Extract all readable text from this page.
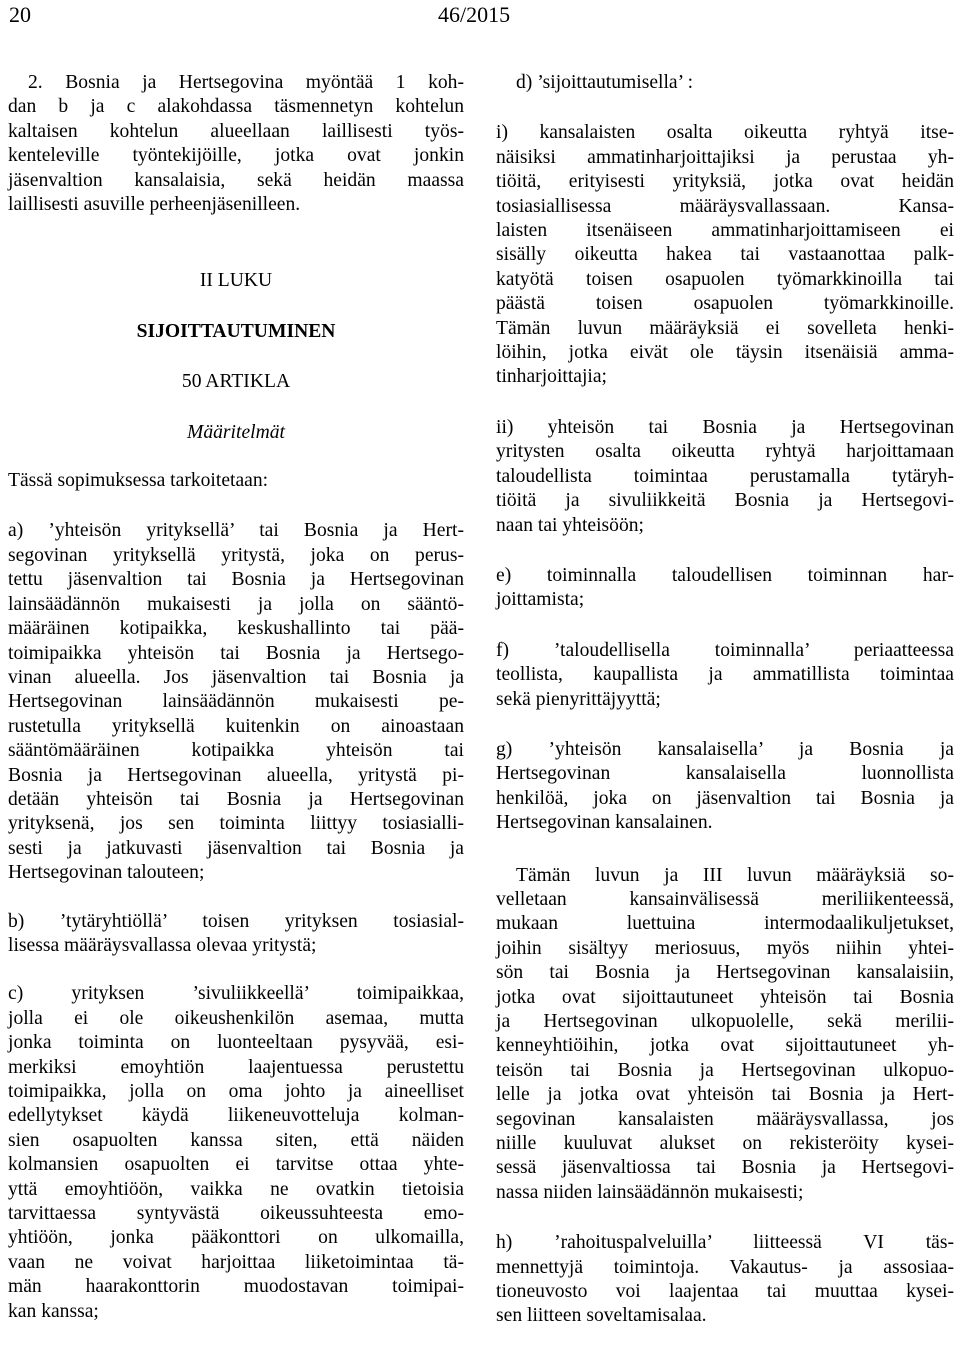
20	46/2015

2. Bosnia ja Hertsegovina myöntää 1 koh-
dan b ja c alakohdassa täsmennetyn kohtelun
kaltaisen kohtelun alueellaan laillisesti työs-
kenteleville työntekijöille, jotka ovat jonkin
jäsenvaltion kansalaisia, sekä heidän maassa
laillisesti asuville perheenjäsenilleen.

II LUKU

SIJOITTAUTUMINEN

50 ARTIKLA

Määritelmät

Tässä sopimuksessa tarkoitetaan:

a) ’yhteisön yrityksellä’ tai Bosnia ja Hert-
segovinan yrityksellä yritystä, joka on perus-
tettu jäsenvaltion tai Bosnia ja Hertsegovinan
lainsäädännön mukaisesti ja jolla on sääntö-
määräinen kotipaikka, keskushallinto tai pää-
toimipaikka yhteisön tai Bosnia ja Hertsego-
vinan alueella. Jos jäsenvaltion tai Bosnia ja
Hertsegovinan lainsäädännön mukaisesti pe-
rustetulla yrityksellä kuitenkin on ainoastaan
sääntömääräinen kotipaikka yhteisön tai
Bosnia ja Hertsegovinan alueella, yritystä pi-
detään yhteisön tai Bosnia ja Hertsegovinan
yrityksenä, jos sen toiminta liittyy tosiasialli-
sesti ja jatkuvasti jäsenvaltion tai Bosnia ja
Hertsegovinan talouteen;

b) ’tytäryhtiöllä’ toisen yrityksen tosiasial-
lisessa määräysvallassa olevaa yritystä;

c) yrityksen ’sivuliikkeellä’ toimipaikkaa,
jolla ei ole oikeushenkilön asemaa, mutta
jonka toiminta on luonteeltaan pysyvää, esi-
merkiksi emoyhtiön laajentuessa perustettu
toimipaikka, jolla on oma johto ja aineelliset
edellytykset käydä liikeneuvotteluja kolman-
sien osapuolten kanssa siten, että näiden
kolmansien osapuolten ei tarvitse ottaa yhte-
yttä emoyhtiöön, vaikka ne ovatkin tietoisia
tarvittaessa syntyvästä oikeussuhteesta emo-
yhtiöön, jonka pääkonttori on ulkomailla,
vaan ne voivat harjoittaa liiketoimintaa tä-
män haarakonttorin muodostavan toimipai-
kan kanssa;

d) ’sijoittautumisella’ :

i) kansalaisten osalta oikeutta ryhtyä itse-
näisiksi ammatinharjoittajiksi ja perustaa yh-
tiöitä, erityisesti yrityksiä, jotka ovat heidän
tosiasiallisessa määräysvallassaan. Kansa-
laisten itsenäiseen ammatinharjoittamiseen ei
sisälly oikeutta hakea tai vastaanottaa palk-
katyötä toisen osapuolen työmarkkinoilla tai
päästä toisen osapuolen työmarkkinoille.
Tämän luvun määräyksiä ei sovelleta henki-
löihin, jotka eivät ole täysin itsenäisiä amma-
tinharjoittajia;

ii) yhteisön tai Bosnia ja Hertsegovinan
yritysten osalta oikeutta ryhtyä harjoittamaan
taloudellista toimintaa perustamalla tytäryh-
tiöitä ja sivuliikkeitä Bosnia ja Hertsegovi-
naan tai yhteisöön;

e) toiminnalla taloudellisen toiminnan har-
joittamista;

f) ’taloudellisella toiminnalla’ periaatteessa
teollista, kaupallista ja ammatillista toimintaa
sekä pienyrittäjyyttä;

g) ’yhteisön kansalaisella’ ja Bosnia ja
Hertsegovinan kansalaisella luonnollista
henkilöä, joka on jäsenvaltion tai Bosnia ja
Hertsegovinan kansalainen.

Tämän luvun ja III luvun määräyksiä so-
velletaan kansainvälisessä meriliikenteessä,
mukaan luettuina intermodaalikuljetukset,
joihin sisältyy meriosuus, myös niihin yhtei-
sön tai Bosnia ja Hertsegovinan kansalaisiin,
jotka ovat sijoittautuneet yhteisön tai Bosnia
ja Hertsegovinan ulkopuolelle, sekä merilii-
kenneyhtiöihin, jotka ovat sijoittautuneet yh-
teisön tai Bosnia ja Hertsegovinan ulkopuo-
lelle ja jotka ovat yhteisön tai Bosnia ja Hert-
segovinan kansalaisten määräysvallassa, jos
niille kuuluvat alukset on rekisteröity kysei-
sessä jäsenvaltiossa tai Bosnia ja Hertsegovi-
nassa niiden lainsäädännön mukaisesti;

h) ’rahoituspalveluilla’ liitteessä VI täs-
mennettyjä toimintoja. Vakautus- ja assosiaa-
tioneuvosto voi laajentaa tai muuttaa kysei-
sen liitteen soveltamisalaa.
